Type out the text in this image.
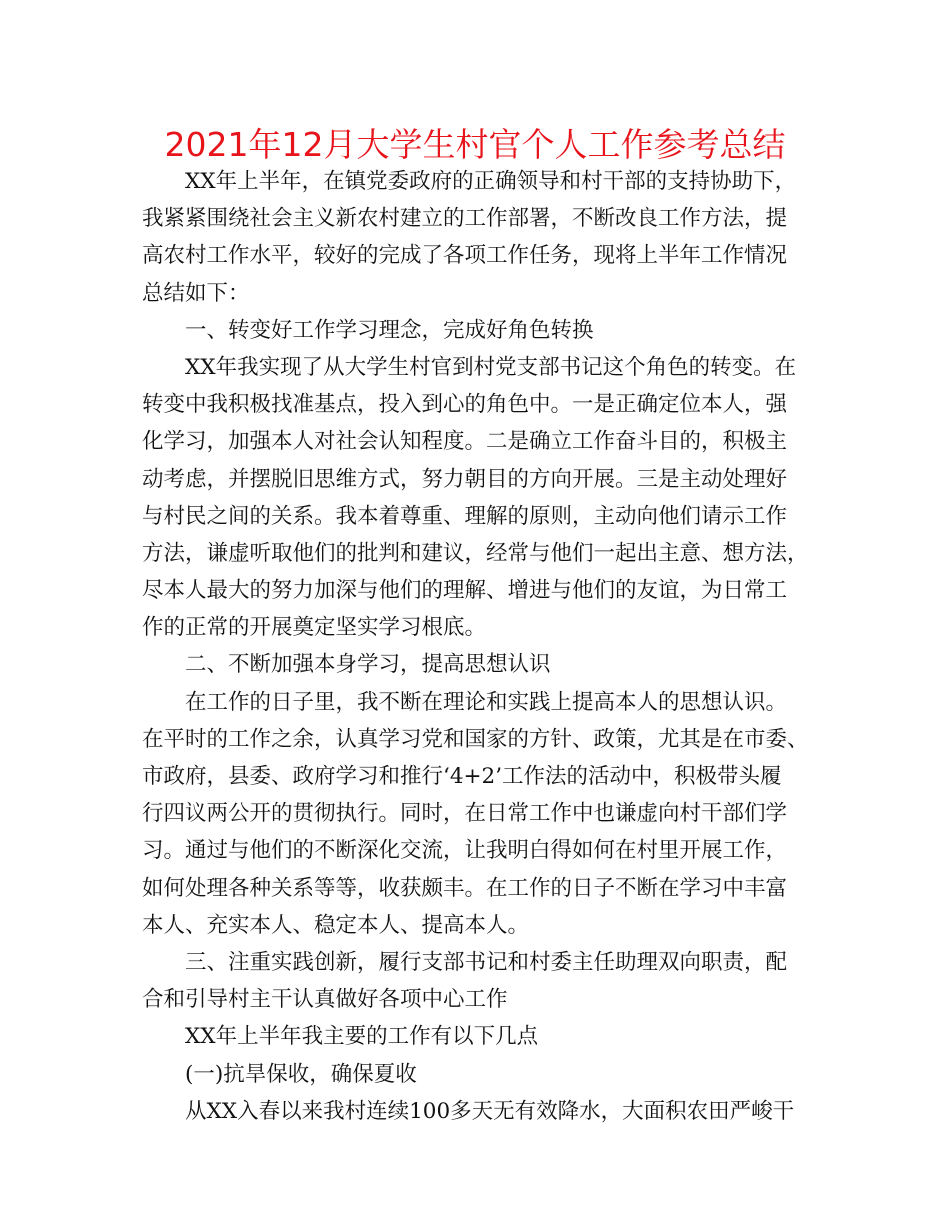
2021年12月大学生村官个人工作参考总结
XX年上半年，在镇党委政府的正确领导和村干部的支持协助下，
我紧紧围绕社会主义新农村建立的工作部署，不断改良工作方法，提
高农村工作水平，较好的完成了各项工作任务，现将上半年工作情况
总结如下：
一、转变好工作学习理念，完成好角色转换
XX年我实现了从大学生村官到村党支部书记这个角色的转变。在
转变中我积极找准基点，投入到心的角色中。一是正确定位本人，强
化学习，加强本人对社会认知程度。二是确立工作奋斗目的，积极主
动考虑，并摆脱旧思维方式，努力朝目的方向开展。三是主动处理好
与村民之间的关系。我本着尊重、理解的原则，主动向他们请示工作
方法，谦虚听取他们的批判和建议，经常与他们一起出主意、想方法，
尽本人最大的努力加深与他们的理解、增进与他们的友谊，为日常工
作的正常的开展奠定坚实学习根底。
二、不断加强本身学习，提高思想认识
在工作的日子里，我不断在理论和实践上提高本人的思想认识。
在平时的工作之余，认真学习党和国家的方针、政策，尤其是在市委、
市政府，县委、政府学习和推行‘4+2’工作法的活动中，积极带头履
行四议两公开的贯彻执行。同时，在日常工作中也谦虚向村干部们学
习。通过与他们的不断深化交流，让我明白得如何在村里开展工作，
如何处理各种关系等等，收获颇丰。在工作的日子不断在学习中丰富
本人、充实本人、稳定本人、提高本人。
三、注重实践创新，履行支部书记和村委主任助理双向职责，配
合和引导村主干认真做好各项中心工作
XX年上半年我主要的工作有以下几点
(一)抗旱保收，确保夏收
从XX入春以来我村连续100多天无有效降水，大面积农田严峻干
